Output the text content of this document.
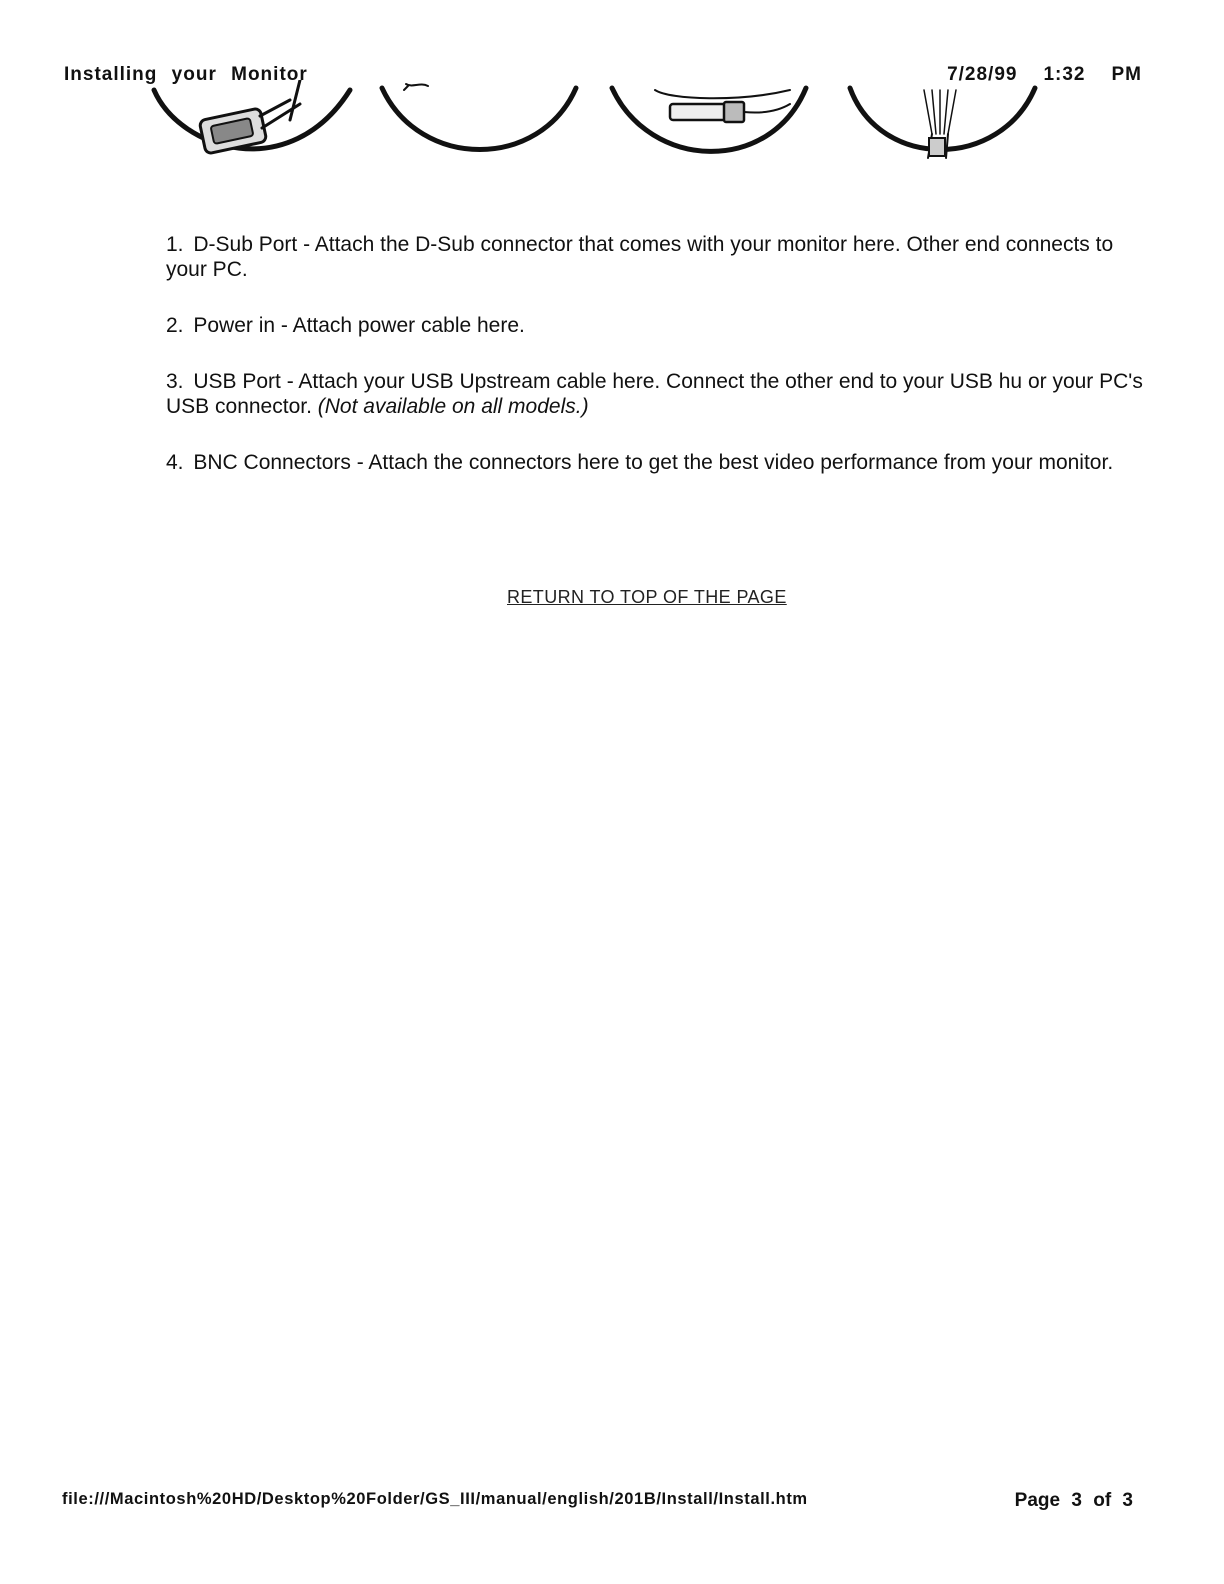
Installing your Monitor	7/28/99 1:32 PM

1. D-Sub Port - Attach the D-Sub connector that comes with your monitor here. Other end connects to your PC.

2. Power in - Attach power cable here.

3. USB Port - Attach your USB Upstream cable here. Connect the other end to your USB hu or your PC's USB connector. (Not available on all models.)

4. BNC Connectors - Attach the connectors here to get the best video performance from your monitor.

RETURN TO TOP OF THE PAGE
file:///Macintosh%20HD/Desktop%20Folder/GS_III/manual/english/201B/Install/Install.htm	Page 3 of 3
